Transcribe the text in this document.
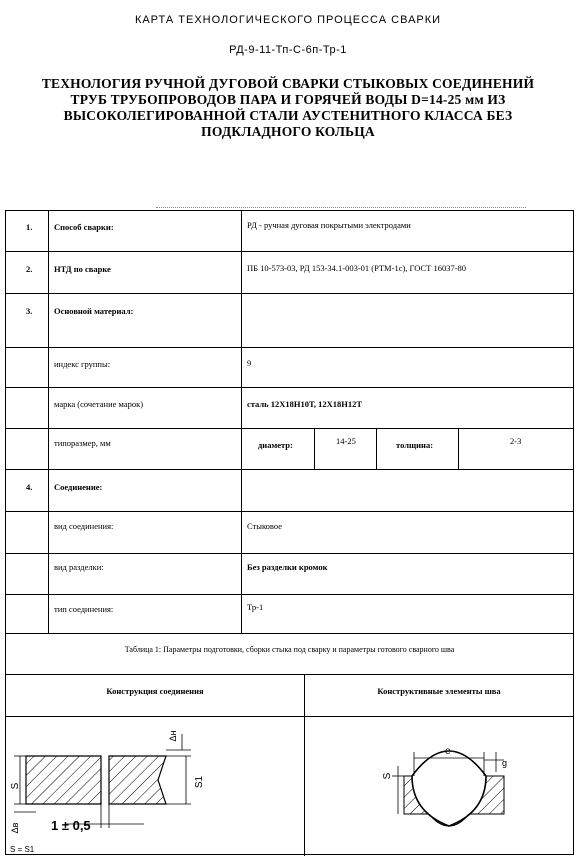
КАРТА ТЕХНОЛОГИЧЕСКОГО ПРОЦЕССА СВАРКИ
РД-9-11-Тп-С-6п-Тр-1
ТЕХНОЛОГИЯ РУЧНОЙ ДУГОВОЙ СВАРКИ СТЫКОВЫХ СОЕДИНЕНИЙ
ТРУБ ТРУБОПРОВОДОВ ПАРА И ГОРЯЧЕЙ ВОДЫ D=14-25 мм ИЗ
ВЫСОКОЛЕГИРОВАННОЙ СТАЛИ АУСТЕНИТНОГО КЛАССА БЕЗ
ПОДКЛАДНОГО КОЛЬЦА
1.	Способ сварки:	РД - ручная дуговая покрытыми электродами
2.	НТД по сварке	ПБ 10-573-03, РД 153-34.1-003-01 (РТМ-1с), ГОСТ 16037-80
3.	Основной материал:
индекс группы:	9
марка (сочетание марок)	сталь 12Х18Н10Т, 12Х18Н12Т
типоразмер, мм	диаметр:	14-25	толщина:	2-3
4.	Соединение:
вид соединения:	Стыковое
вид разделки:	Без разделки кромок
тип соединения:	Тр-1
Таблица 1: Параметры подготовки, сборки стыка под сварку и параметры готового сварного шва
Конструкция соединения	Конструктивные элементы шва
S	S1
Δн
Δв 1 ± 0,5
S = S1
e
g
S
